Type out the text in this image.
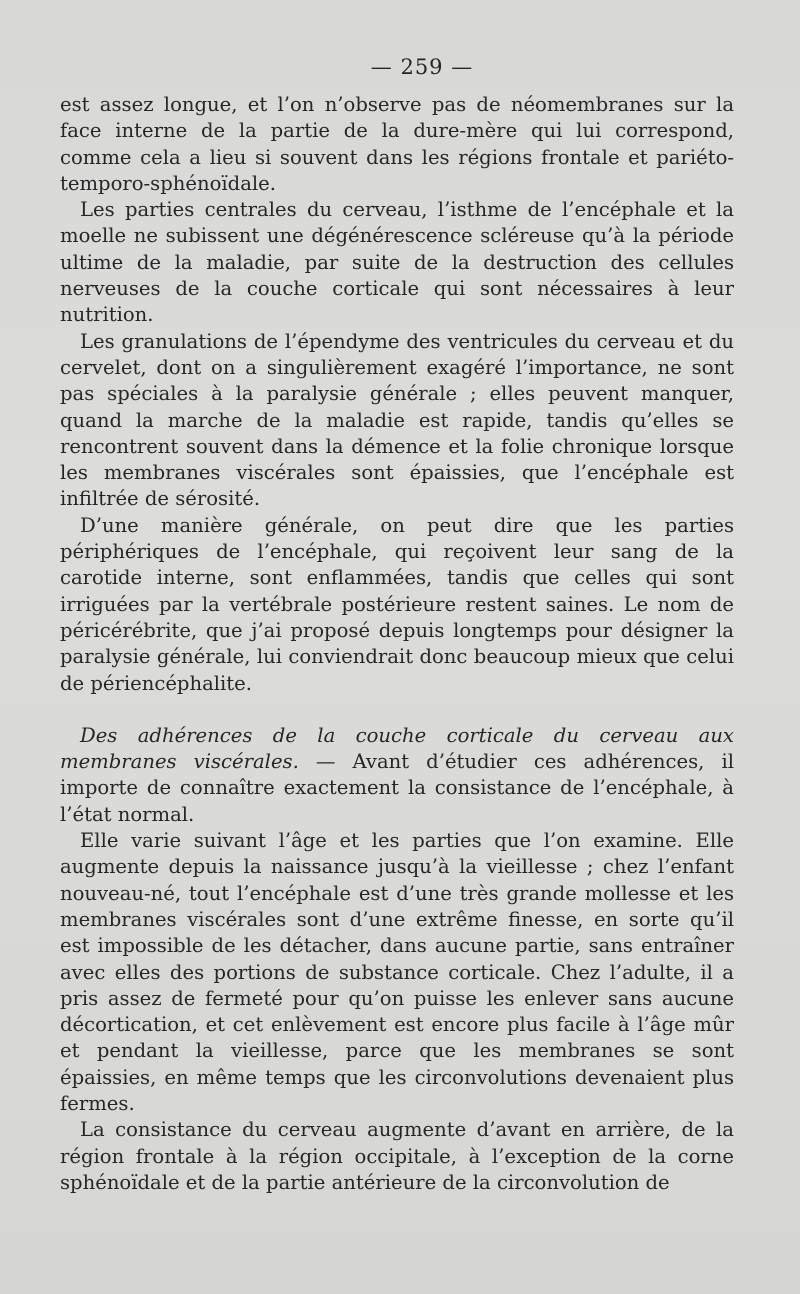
— 259 —

est assez longue, et l’on n’observe pas de néomembranes sur la face interne de la partie de la dure-mère qui lui correspond, comme cela a lieu si souvent dans les régions frontale et pariéto-temporo-sphénoïdale.

Les parties centrales du cerveau, l’isthme de l’encéphale et la moelle ne subissent une dégénérescence scléreuse qu’à la période ultime de la maladie, par suite de la destruction des cellules nerveuses de la couche corticale qui sont nécessaires à leur nutrition.

Les granulations de l’épendyme des ventricules du cerveau et du cervelet, dont on a singulièrement exagéré l’importance, ne sont pas spéciales à la paralysie générale ; elles peuvent manquer, quand la marche de la maladie est rapide, tandis qu’elles se rencontrent souvent dans la démence et la folie chronique lorsque les membranes viscérales sont épaissies, que l’encéphale est infiltrée de sérosité.

D’une manière générale, on peut dire que les parties périphériques de l’encéphale, qui reçoivent leur sang de la carotide interne, sont enflammées, tandis que celles qui sont irriguées par la vertébrale postérieure restent saines. Le nom de péricérébrite, que j’ai proposé depuis longtemps pour désigner la paralysie générale, lui conviendrait donc beaucoup mieux que celui de périencéphalite.

Des adhérences de la couche corticale du cerveau aux membranes viscérales. — Avant d’étudier ces adhérences, il importe de connaître exactement la consistance de l’encéphale, à l’état normal.

Elle varie suivant l’âge et les parties que l’on examine. Elle augmente depuis la naissance jusqu’à la vieillesse ; chez l’enfant nouveau-né, tout l’encéphale est d’une très grande mollesse et les membranes viscérales sont d’une extrême finesse, en sorte qu’il est impossible de les détacher, dans aucune partie, sans entraîner avec elles des portions de substance corticale. Chez l’adulte, il a pris assez de fermeté pour qu’on puisse les enlever sans aucune décortication, et cet enlèvement est encore plus facile à l’âge mûr et pendant la vieillesse, parce que les membranes se sont épaissies, en même temps que les circonvolutions devenaient plus fermes.

La consistance du cerveau augmente d’avant en arrière, de la région frontale à la région occipitale, à l’exception de la corne sphénoïdale et de la partie antérieure de la circonvolution de
